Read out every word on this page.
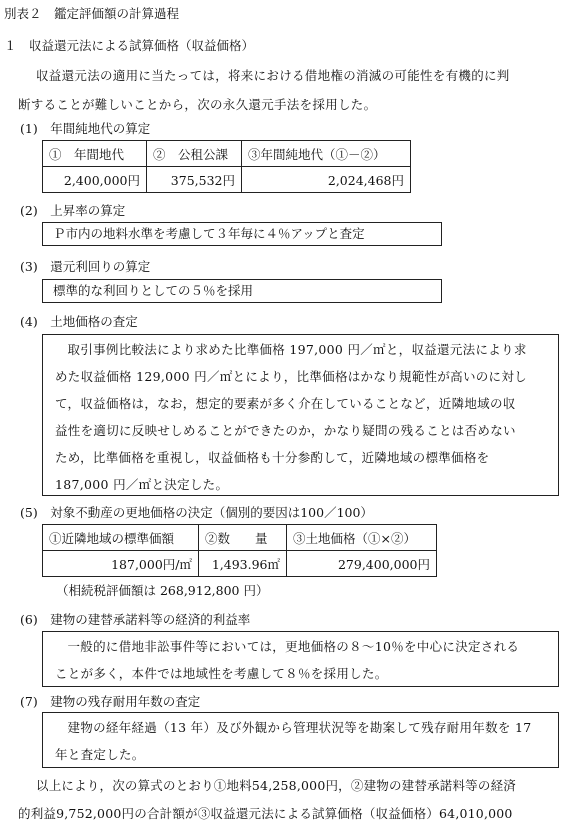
別表２　鑑定評価額の計算過程
１　収益還元法による試算価格（収益価格）
収益還元法の適用に当たっては，将来における借地権の消滅の可能性を有機的に判
断することが難しいことから，次の永久還元手法を採用した。
(1)　年間純地代の算定
①　年間地代	②　公租公課	③年間純地代（①－②）
2,400,000円	375,532円	2,024,468円
(2)　上昇率の算定
Ｐ市内の地料水準を考慮して３年毎に４％アップと査定
(3)　還元利回りの算定
標準的な利回りとしての５％を採用
(4)　土地価格の査定
取引事例比較法により求めた比準価格 197,000 円／㎡と，収益還元法により求
めた収益価格 129,000 円／㎡とにより，比準価格はかなり規範性が高いのに対し
て，収益価格は，なお，想定的要素が多く介在していることなど，近隣地域の収
益性を適切に反映せしめることができたのか，かなり疑問の残ることは否めない
ため，比準価格を重視し，収益価格も十分参酌して，近隣地域の標準価格を
187,000 円／㎡と決定した。
(5)　対象不動産の更地価格の決定（個別的要因は100／100）
①近隣地域の標準価額	②数　　量	③土地価格（①×②）
187,000円/㎡	1,493.96㎡	279,400,000円
（相続税評価額は 268,912,800 円）
(6)　建物の建替承諾料等の経済的利益率
一般的に借地非訟事件等においては，更地価格の８～10％を中心に決定される
ことが多く，本件では地域性を考慮して８％を採用した。
(7)　建物の残存耐用年数の査定
建物の経年経過（13 年）及び外観から管理状況等を勘案して残存耐用年数を 17
年と査定した。
以上により，次の算式のとおり①地料54,258,000円，②建物の建替承諾料等の経済
的利益9,752,000円の合計額が③収益還元法による試算価格（収益価格）64,010,000
